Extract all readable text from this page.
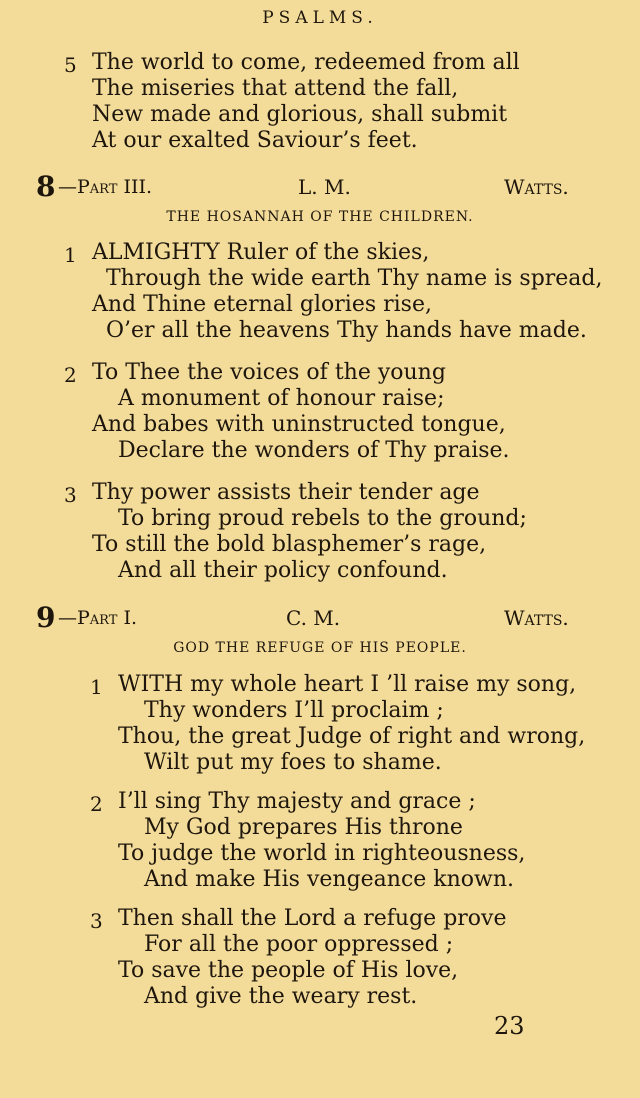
PSALMS.
5 The world to come, redeemed from all
The miseries that attend the fall,
New made and glorious, shall submit
At our exalted Saviour’s feet.
8 —Part III.	L. M.	Watts.
THE HOSANNAH OF THE CHILDREN.
1 ALMIGHTY Ruler of the skies,
Through the wide earth Thy name is spread,
And Thine eternal glories rise,
O’er all the heavens Thy hands have made.
2 To Thee the voices of the young
A monument of honour raise;
And babes with uninstructed tongue,
Declare the wonders of Thy praise.
3 Thy power assists their tender age
To bring proud rebels to the ground;
To still the bold blasphemer’s rage,
And all their policy confound.
9 —Part I.	C. M.	Watts.
GOD THE REFUGE OF HIS PEOPLE.
1 WITH my whole heart I ’ll raise my song,
Thy wonders I’ll proclaim ;
Thou, the great Judge of right and wrong,
Wilt put my foes to shame.
2 I’ll sing Thy majesty and grace ;
My God prepares His throne
To judge the world in righteousness,
And make His vengeance known.
3 Then shall the Lord a refuge prove
For all the poor oppressed ;
To save the people of His love,
And give the weary rest.
23
